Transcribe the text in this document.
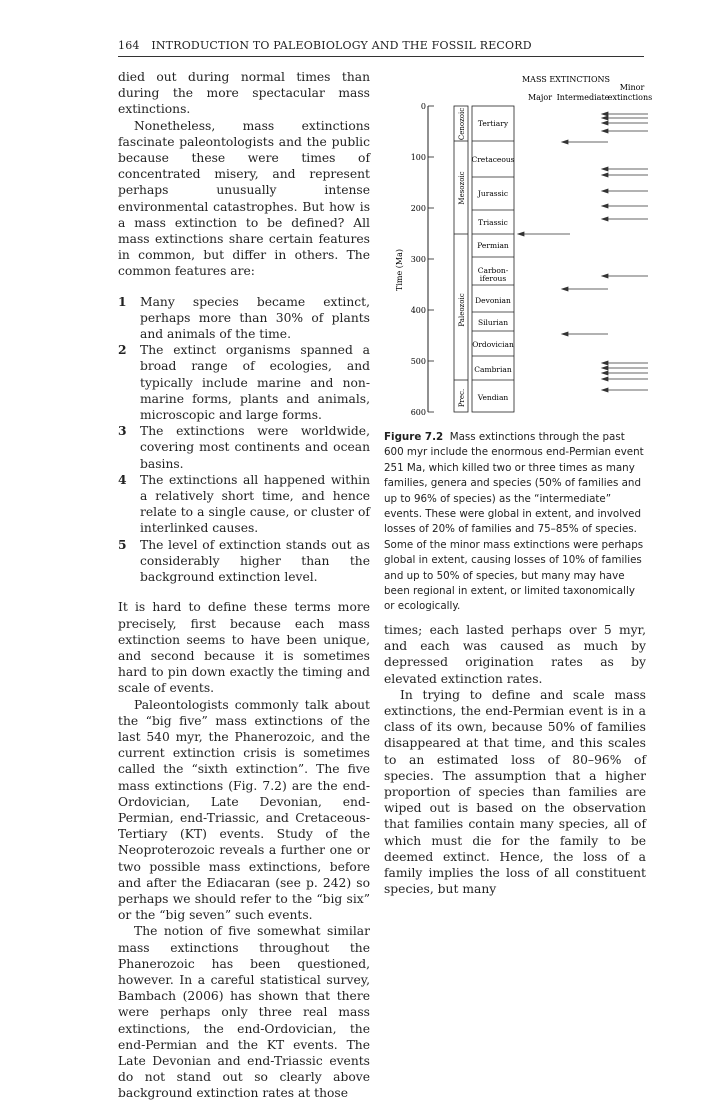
164 INTRODUCTION TO PALEOBIOLOGY AND THE FOSSIL RECORD

died out during normal times than during the more spectacular mass extinctions.

Nonetheless, mass extinctions fascinate paleontologists and the public because these were times of concentrated misery, and represent perhaps unusually intense environmental catastrophes. But how is a mass extinction to be defined? All mass extinctions share certain features in common, but differ in others. The common features are:

1	Many species became extinct, perhaps more than 30% of plants and animals of the time.
2	The extinct organisms spanned a broad range of ecologies, and typically include marine and non-marine forms, plants and animals, microscopic and large forms.
3	The extinctions were worldwide, covering most continents and ocean basins.
4	The extinctions all happened within a relatively short time, and hence relate to a single cause, or cluster of interlinked causes.
5	The level of extinction stands out as considerably higher than the background extinction level.

It is hard to define these terms more precisely, first because each mass extinction seems to have been unique, and second because it is sometimes hard to pin down exactly the timing and scale of events.

Paleontologists commonly talk about the “big five” mass extinctions of the last 540 myr, the Phanerozoic, and the current extinction crisis is sometimes called the “sixth extinction”. The five mass extinctions (Fig. 7.2) are the end-Ordovician, Late Devonian, end-Permian, end-Triassic, and Cretaceous-Tertiary (KT) events. Study of the Neoproterozoic reveals a further one or two possible mass extinctions, before and after the Ediacaran (see p. 242) so perhaps we should refer to the “big six” or the “big seven” such events.

The notion of five somewhat similar mass extinctions throughout the Phanerozoic has been questioned, however. In a careful statistical survey, Bambach (2006) has shown that there were perhaps only three real mass extinctions, the end-Ordovician, the end-Permian and the KT events. The Late Devonian and end-Triassic events do not stand out so clearly above background extinction rates at those

MASS EXTINCTIONS
Minor
Major Intermediate
extinctions
Time (Ma)
0
100
200
300
400
500
600
Cenozoic
Mesozoic
Paleozoic
Prec.
Tertiary
Cretaceous
Jurassic
Triassic
Permian
Carbon-
iferous
Devonian
Silurian
Ordovician
Cambrian
Vendian
Figure 7.2 Mass extinctions through the past 600 myr include the enormous end-Permian event 251 Ma, which killed two or three times as many families, genera and species (50% of families and up to 96% of species) as the “intermediate” events. These were global in extent, and involved losses of 20% of families and 75–85% of species. Some of the minor mass extinctions were perhaps global in extent, causing losses of 10% of families and up to 50% of species, but many may have been regional in extent, or limited taxonomically or ecologically.

times; each lasted perhaps over 5 myr, and each was caused as much by depressed origination rates as by elevated extinction rates.

In trying to define and scale mass extinctions, the end-Permian event is in a class of its own, because 50% of families disappeared at that time, and this scales to an estimated loss of 80–96% of species. The assumption that a higher proportion of species than families are wiped out is based on the observation that families contain many species, all of which must die for the family to be deemed extinct. Hence, the loss of a family implies the loss of all constituent species, but many
